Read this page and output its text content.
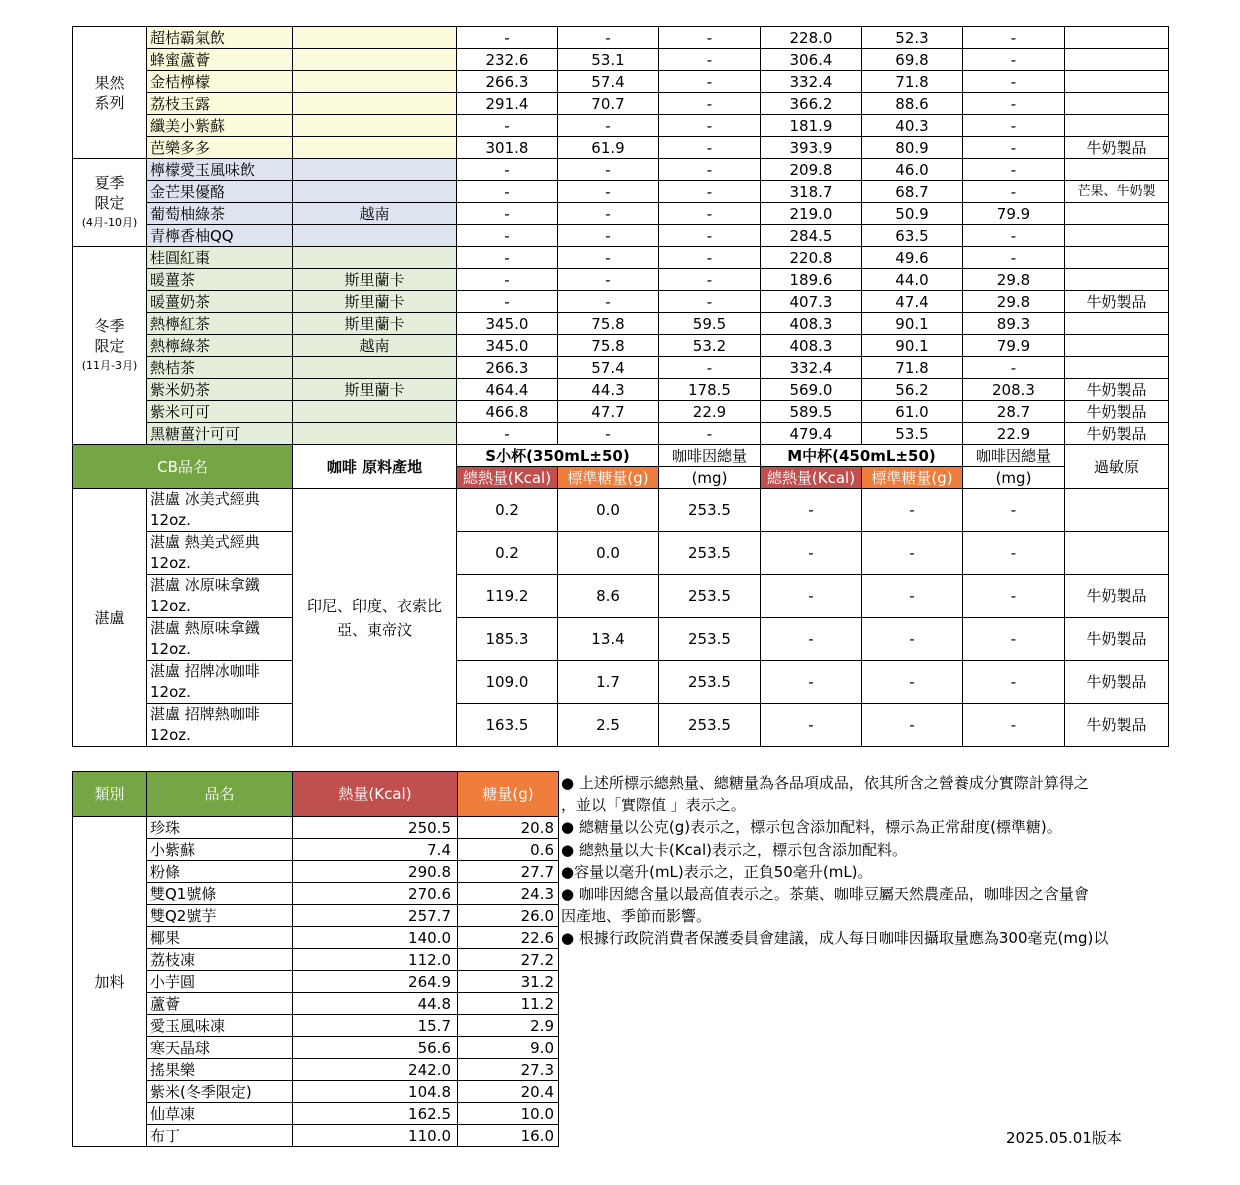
果然
系列	超桔霸氣飲		-	-	-	228.0	52.3	-	
	蜂蜜蘆薈		232.6	53.1	-	306.4	69.8	-	
	金桔檸檬		266.3	57.4	-	332.4	71.8	-	
	荔枝玉露		291.4	70.7	-	366.2	88.6	-	
	纖美小紫蘇		-	-	-	181.9	40.3	-	
	芭樂多多		301.8	61.9	-	393.9	80.9	-	牛奶製品

夏季
限定
(4月-10月)	檸檬愛玉風味飲		-	-	-	209.8	46.0	-	
	金芒果優酪		-	-	-	318.7	68.7	-	芒果、牛奶製
	葡萄柚綠茶	越南	-	-	-	219.0	50.9	79.9	
	青檸香柚QQ		-	-	-	284.5	63.5	-	

冬季
限定
(11月-3月)	桂圓紅棗		-	-	-	220.8	49.6	-	
	暖薑茶	斯里蘭卡	-	-	-	189.6	44.0	29.8	
	暖薑奶茶	斯里蘭卡	-	-	-	407.3	47.4	29.8	牛奶製品
	熱檸紅茶	斯里蘭卡	345.0	75.8	59.5	408.3	90.1	89.3	
	熱檸綠茶	越南	345.0	75.8	53.2	408.3	90.1	79.9	
	熱桔茶		266.3	57.4	-	332.4	71.8	-	
	紫米奶茶	斯里蘭卡	464.4	44.3	178.5	569.0	56.2	208.3	牛奶製品
	紫米可可		466.8	47.7	22.9	589.5	61.0	28.7	牛奶製品
	黑糖薑汁可可		-	-	-	479.4	53.5	22.9	牛奶製品
CB品名		咖啡 原料產地	S小杯(350mL±50)		咖啡因總量	M中杯(450mL±50)		咖啡因總量	過敏原
			總熱量(Kcal)	標準糖量(g)	(mg)	總熱量(Kcal)	標準糖量(g)	(mg)	
湛盧	湛盧 冰美式經典12oz.	印尼、印度、衣索比亞、東帝汶	0.2	0.0	253.5	-	-	-	
	湛盧 熱美式經典12oz.		0.2	0.0	253.5	-	-	-	
	湛盧 冰原味拿鐵12oz.		119.2	8.6	253.5	-	-	-	牛奶製品
	湛盧 熱原味拿鐵12oz.		185.3	13.4	253.5	-	-	-	牛奶製品
	湛盧 招牌冰咖啡12oz.		109.0	1.7	253.5	-	-	-	牛奶製品
	湛盧 招牌熱咖啡12oz.		163.5	2.5	253.5	-	-	-	牛奶製品
類別	品名	熱量(Kcal)	糖量(g)
加料	珍珠	250.5	20.8
	小紫蘇	7.4	0.6
	粉條	290.8	27.7
	雙Q1號條	270.6	24.3
	雙Q2號芋	257.7	26.0
	椰果	140.0	22.6
	荔枝凍	112.0	27.2
	小芋圓	264.9	31.2
	蘆薈	44.8	11.2
	愛玉風味凍	15.7	2.9
	寒天晶球	56.6	9.0
	搖果樂	242.0	27.3
	紫米(冬季限定)	104.8	20.4
	仙草凍	162.5	10.0
	布丁	110.0	16.0

● 上述所標示總熱量、總糖量為各品項成品，依其所含之營養成分實際計算得之

，並以「實際值 」表示之。

● 總糖量以公克(g)表示之，標示包含添加配料，標示為正常甜度(標準糖)。

● 總熱量以大卡(Kcal)表示之，標示包含添加配料。

●容量以毫升(mL)表示之，正負50毫升(mL)。

● 咖啡因總含量以最高值表示之。茶葉、咖啡豆屬天然農產品，咖啡因之含量會

因產地、季節而影響。

● 根據行政院消費者保護委員會建議，成人每日咖啡因攝取量應為300毫克(mg)以

2025.05.01版本
